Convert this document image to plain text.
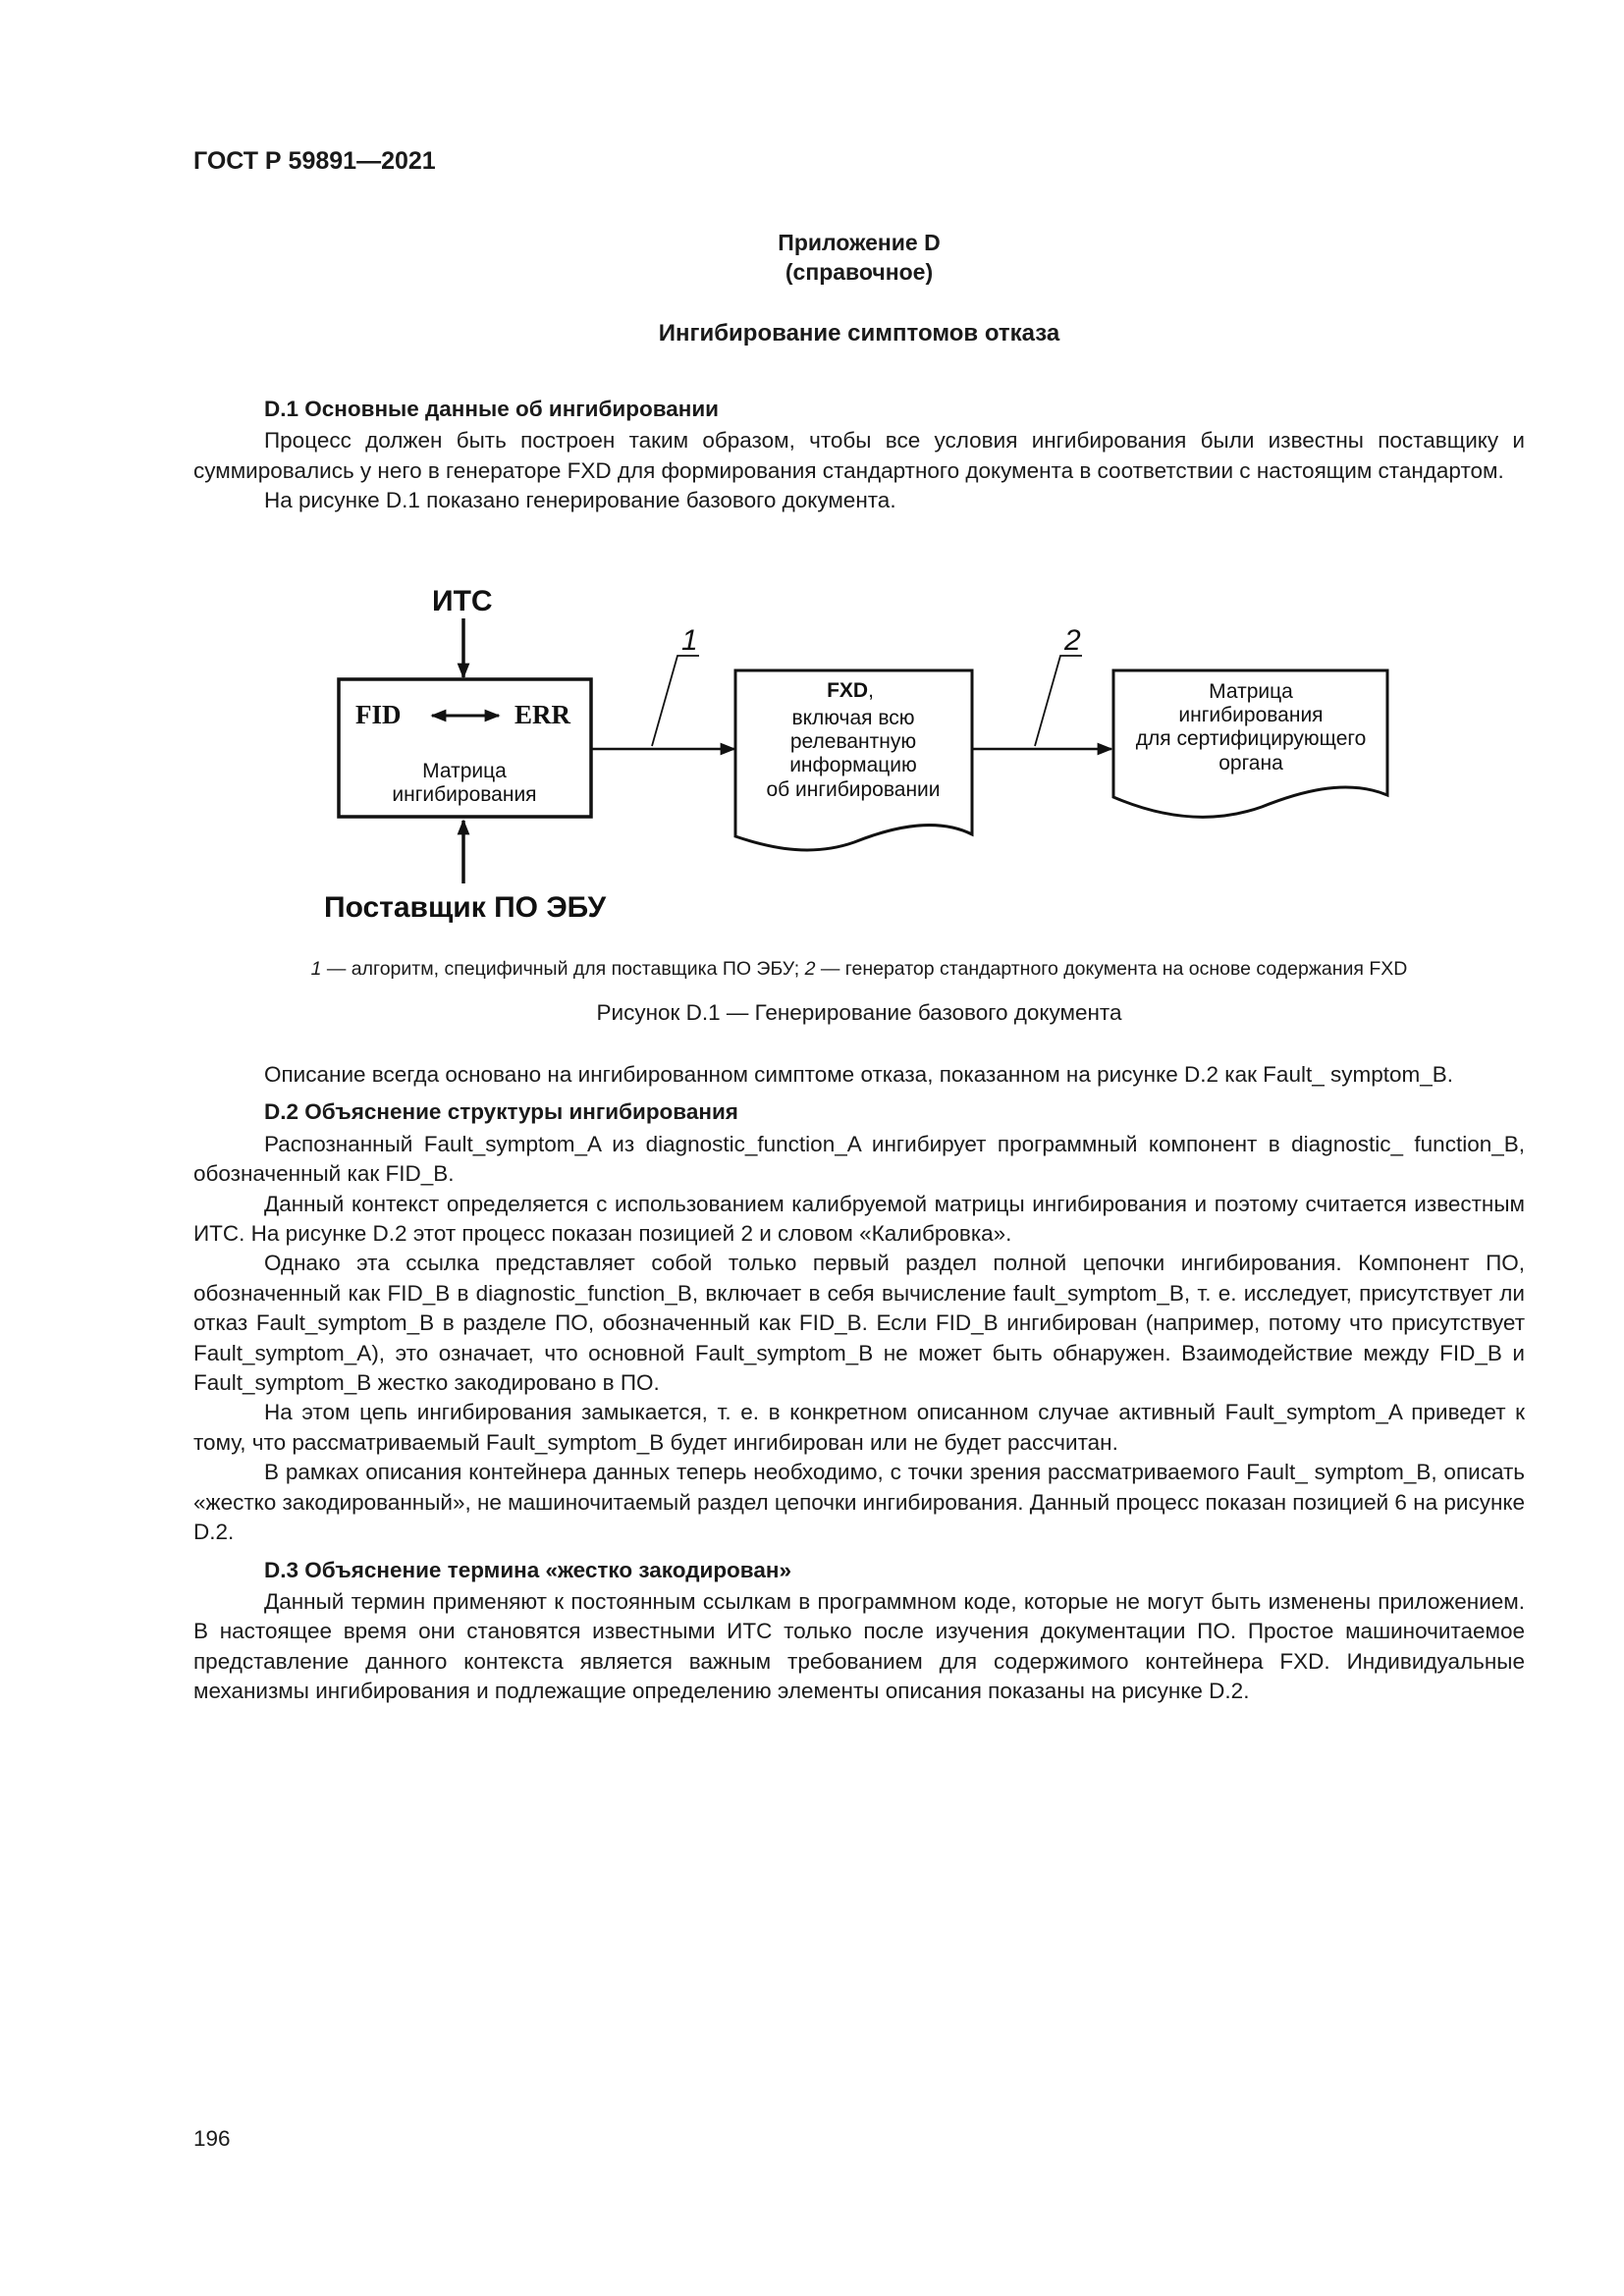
ГОСТ Р 59891—2021
Приложение D
(справочное)
Ингибирование симптомов отказа
D.1 Основные данные об ингибировании

Процесс должен быть построен таким образом, чтобы все условия ингибирования были известны поставщику и суммировались у него в генераторе FXD для формирования стандартного документа в соответствии с настоящим стандартом.

На рисунке D.1 показано генерирование базового документа.

ИТС
FID	ERR
Матрица
ингибирования
Поставщик ПО ЭБУ
1
FXD,
включая всю
релевантную
информацию
об ингибировании
2
Матрица
ингибирования
для сертифицирующего
органа
1 — алгоритм, специфичный для поставщика ПО ЭБУ; 2 — генератор стандартного документа на основе содержания FXD
Рисунок D.1 — Генерирование базового документа

Описание всегда основано на ингибированном симптоме отказа, показанном на рисунке D.2 как Fault_ symptom_B.

D.2 Объяснение структуры ингибирования

Распознанный Fault_symptom_A из diagnostic_function_A ингибирует программный компонент в diagnostic_ function_B, обозначенный как FID_B.

Данный контекст определяется с использованием калибруемой матрицы ингибирования и поэтому считается известным ИТС. На рисунке D.2 этот процесс показан позицией 2 и словом «Калибровка».

Однако эта ссылка представляет собой только первый раздел полной цепочки ингибирования. Компонент ПО, обозначенный как FID_B в diagnostic_function_B, включает в себя вычисление fault_symptom_B, т. е. исследует, присутствует ли отказ Fault_symptom_B в разделе ПО, обозначенный как FID_B. Если FID_B ингибирован (например, потому что присутствует Fault_symptom_A), это означает, что основной Fault_symptom_B не может быть обнаружен. Взаимодействие между FID_B и Fault_symptom_B жестко закодировано в ПО.

На этом цепь ингибирования замыкается, т. е. в конкретном описанном случае активный Fault_symptom_A приведет к тому, что рассматриваемый Fault_symptom_B будет ингибирован или не будет рассчитан.

В рамках описания контейнера данных теперь необходимо, с точки зрения рассматриваемого Fault_ symptom_B, описать «жестко закодированный», не машиночитаемый раздел цепочки ингибирования. Данный процесс показан позицией 6 на рисунке D.2.

D.3 Объяснение термина «жестко закодирован»

Данный термин применяют к постоянным ссылкам в программном коде, которые не могут быть изменены приложением. В настоящее время они становятся известными ИТС только после изучения документации ПО. Простое машиночитаемое представление данного контекста является важным требованием для содержимого контейнера FXD. Индивидуальные механизмы ингибирования и подлежащие определению элементы описания показаны на рисунке D.2.

196
